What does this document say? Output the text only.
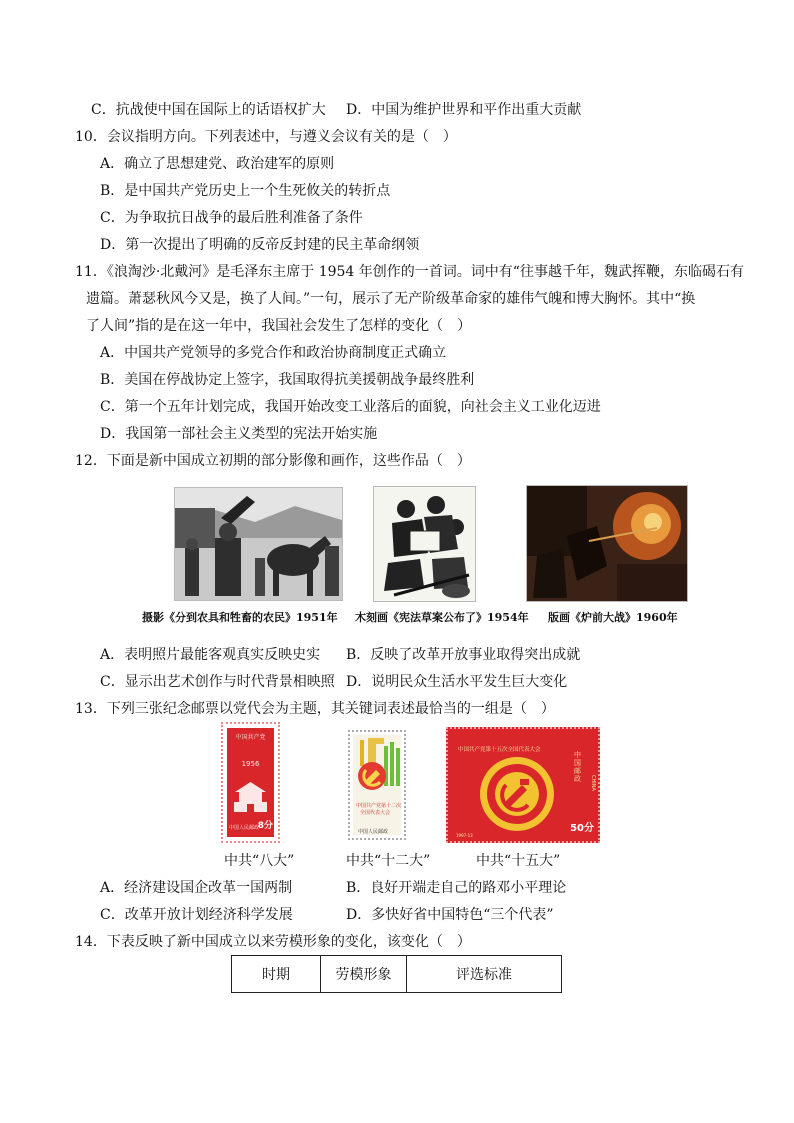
C．抗战使中国在国际上的话语权扩大 D．中国为维护世界和平作出重大贡献
10．会议指明方向。下列表述中，与遵义会议有关的是（　）
A．确立了思想建党、政治建军的原则
B．是中国共产党历史上一个生死攸关的转折点
C．为争取抗日战争的最后胜利准备了条件
D．第一次提出了明确的反帝反封建的民主革命纲领
11．《浪淘沙·北戴河》是毛泽东主席于 1954 年创作的一首词。词中有“往事越千年，魏武挥鞭，东临碣石有
遗篇。萧瑟秋风今又是，换了人间。”一句，展示了无产阶级革命家的雄伟气魄和博大胸怀。其中“换
了人间”指的是在这一年中，我国社会发生了怎样的变化（　）
A．中国共产党领导的多党合作和政治协商制度正式确立
B．美国在停战协定上签字，我国取得抗美援朝战争最终胜利
C．第一个五年计划完成，我国开始改变工业落后的面貌，向社会主义工业化迈进
D．我国第一部社会主义类型的宪法开始实施
12．下面是新中国成立初期的部分影像和画作，这些作品（　）
摄影《分到农具和牲畜的农民》1951年 木刻画《宪法草案公布了》1954年 版画《炉前大战》1960年
A．表明照片最能客观真实反映史实 B．反映了改革开放事业取得突出成就
C．显示出艺术创作与时代背景相映照 D．说明民众生活水平发生巨大变化
13．下列三张纪念邮票以党代会为主题，其关键词表述最恰当的一组是（　）
中国共产党
1956
中国人民邮政
8分
中国共产党第十二次
全国代表大会
中国人民邮政
中国共产党第十五次全国代表大会
中国邮政	CHINA
50分
1997-13
中共“八大”	中共“十二大”	中共“十五大”
A．经济建设国企改革一国两制	B．良好开端走自己的路邓小平理论
C．改革开放计划经济科学发展	D．多快好省中国特色“三个代表”
14．下表反映了新中国成立以来劳模形象的变化，该变化（　）
时期	劳模形象	评选标准
